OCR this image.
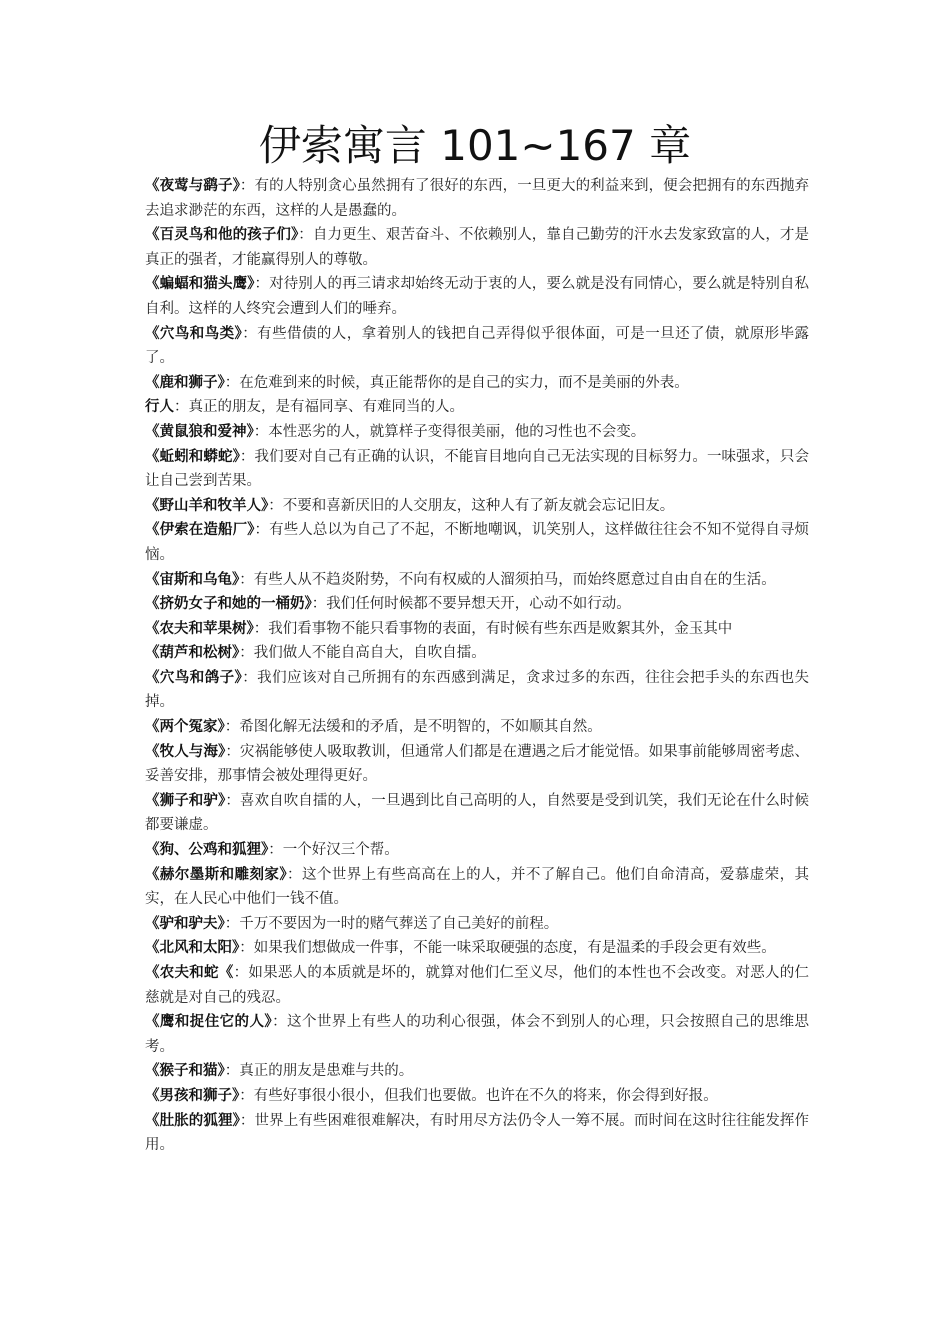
伊索寓言 101~167 章

《夜莺与鹞子》：有的人特别贪心虽然拥有了很好的东西，一旦更大的利益来到，便会把拥有的东西抛弃去追求渺茫的东西，这样的人是愚蠢的。

《百灵鸟和他的孩子们》：自力更生、艰苦奋斗、不依赖别人，靠自己勤劳的汗水去发家致富的人，才是真正的强者，才能赢得别人的尊敬。

《蝙蝠和猫头鹰》：对待别人的再三请求却始终无动于衷的人，要么就是没有同情心，要么就是特别自私自利。这样的人终究会遭到人们的唾弃。

《穴鸟和鸟类》：有些借债的人，拿着别人的钱把自己弄得似乎很体面，可是一旦还了债，就原形毕露了。

《鹿和狮子》：在危难到来的时候，真正能帮你的是自己的实力，而不是美丽的外表。

行人：真正的朋友，是有福同享、有难同当的人。

《黄鼠狼和爱神》：本性恶劣的人，就算样子变得很美丽，他的习性也不会变。

《蚯蚓和蟒蛇》：我们要对自己有正确的认识，不能盲目地向自己无法实现的目标努力。一味强求，只会让自己尝到苦果。

《野山羊和牧羊人》：不要和喜新厌旧的人交朋友，这种人有了新友就会忘记旧友。

《伊索在造船厂》：有些人总以为自己了不起，不断地嘲讽，讥笑别人，这样做往往会不知不觉得自寻烦恼。

《宙斯和乌龟》：有些人从不趋炎附势，不向有权威的人溜须拍马，而始终愿意过自由自在的生活。

《挤奶女子和她的一桶奶》：我们任何时候都不要异想天开，心动不如行动。

《农夫和苹果树》：我们看事物不能只看事物的表面，有时候有些东西是败絮其外，金玉其中

《葫芦和松树》：我们做人不能自高自大，自吹自擂。

《穴鸟和鸽子》：我们应该对自己所拥有的东西感到满足，贪求过多的东西，往往会把手头的东西也失掉。

《两个冤家》：希图化解无法缓和的矛盾，是不明智的，不如顺其自然。

《牧人与海》：灾祸能够使人吸取教训，但通常人们都是在遭遇之后才能觉悟。如果事前能够周密考虑、妥善安排，那事情会被处理得更好。

《狮子和驴》：喜欢自吹自擂的人，一旦遇到比自己高明的人，自然要是受到讥笑，我们无论在什么时候都要谦虚。

《狗、公鸡和狐狸》：一个好汉三个帮。

《赫尔墨斯和雕刻家》：这个世界上有些高高在上的人，并不了解自己。他们自命清高，爱慕虚荣，其实，在人民心中他们一钱不值。

《驴和驴夫》：千万不要因为一时的赌气葬送了自己美好的前程。

《北风和太阳》：如果我们想做成一件事，不能一味采取硬强的态度，有是温柔的手段会更有效些。

《农夫和蛇《：如果恶人的本质就是坏的，就算对他们仁至义尽，他们的本性也不会改变。对恶人的仁慈就是对自己的残忍。

《鹰和捉住它的人》：这个世界上有些人的功利心很强，体会不到别人的心理，只会按照自己的思维思考。

《猴子和猫》：真正的朋友是患难与共的。

《男孩和狮子》：有些好事很小很小，但我们也要做。也许在不久的将来，你会得到好报。

《肚胀的狐狸》：世界上有些困难很难解决，有时用尽方法仍令人一筹不展。而时间在这时往往能发挥作用。
